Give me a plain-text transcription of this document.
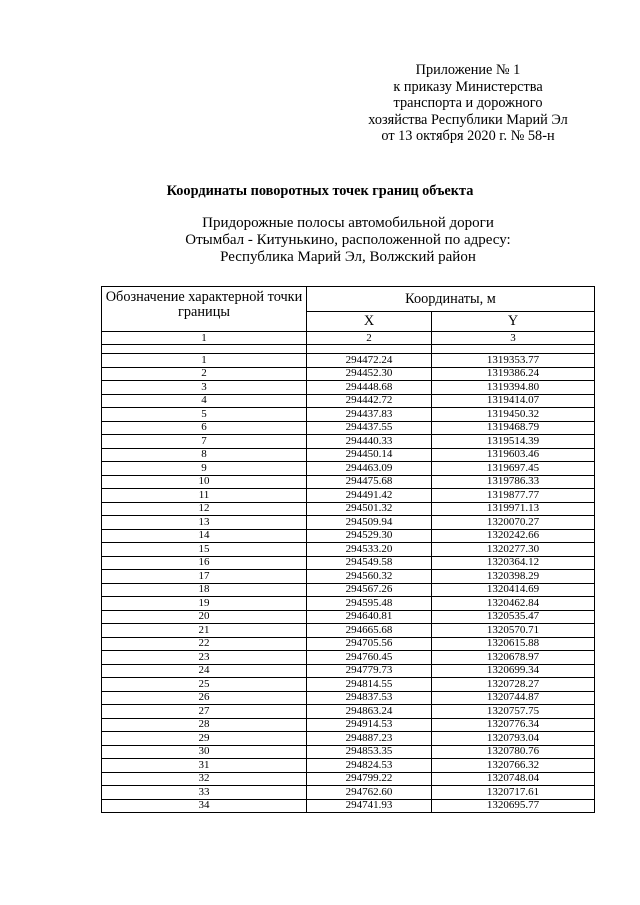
Приложение № 1
к приказу Министерства
транспорта и дорожного
хозяйства Республики Марий Эл
от 13 октября 2020 г. № 58-н
Координаты поворотных точек границ объекта
Придорожные полосы автомобильной дороги
Отымбал - Китунькино, расположенной по адресу:
Республика Марий Эл, Волжский район
Обозначение характерной точки границы	Координаты, м	
	X	Y
1	2	3

1	294472.24	1319353.77
2	294452.30	1319386.24
3	294448.68	1319394.80
4	294442.72	1319414.07
5	294437.83	1319450.32
6	294437.55	1319468.79
7	294440.33	1319514.39
8	294450.14	1319603.46
9	294463.09	1319697.45
10	294475.68	1319786.33
11	294491.42	1319877.77
12	294501.32	1319971.13
13	294509.94	1320070.27
14	294529.30	1320242.66
15	294533.20	1320277.30
16	294549.58	1320364.12
17	294560.32	1320398.29
18	294567.26	1320414.69
19	294595.48	1320462.84
20	294640.81	1320535.47
21	294665.68	1320570.71
22	294705.56	1320615.88
23	294760.45	1320678.97
24	294779.73	1320699.34
25	294814.55	1320728.27
26	294837.53	1320744.87
27	294863.24	1320757.75
28	294914.53	1320776.34
29	294887.23	1320793.04
30	294853.35	1320780.76
31	294824.53	1320766.32
32	294799.22	1320748.04
33	294762.60	1320717.61
34	294741.93	1320695.77
